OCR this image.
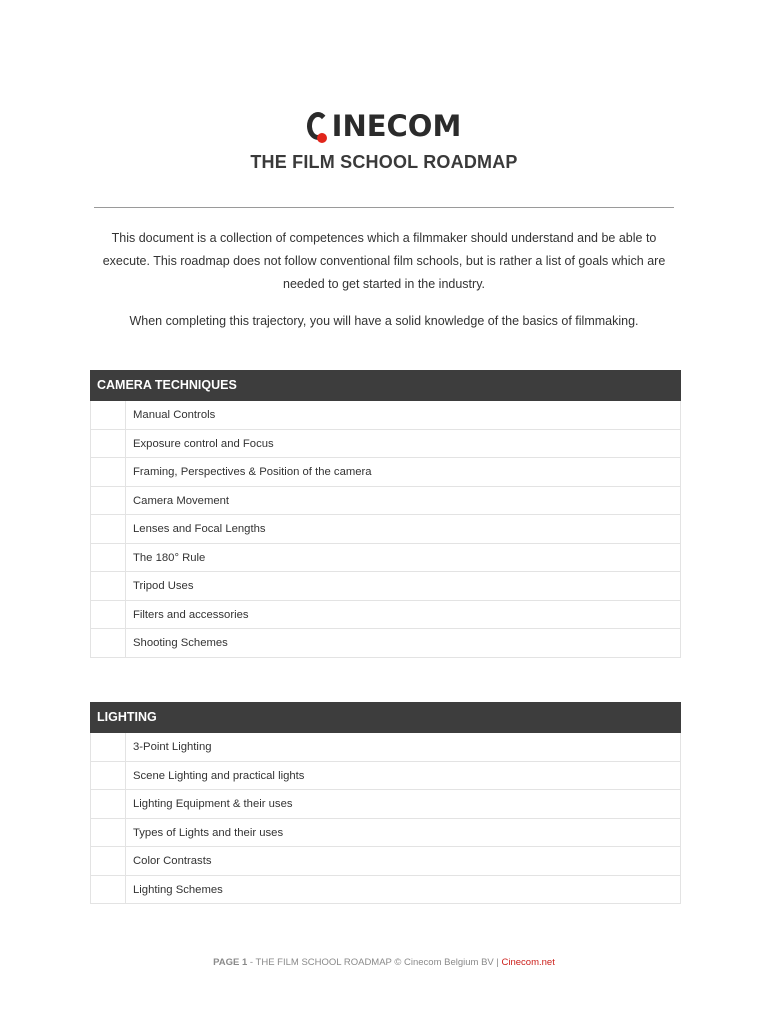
INECOM
THE FILM SCHOOL ROADMAP
This document is a collection of competences which a filmmaker should understand and be able to execute. This roadmap does not follow conventional film schools, but is rather a list of goals which are needed to get started in the industry.
When completing this trajectory, you will have a solid knowledge of the basics of filmmaking.
CAMERA TECHNIQUES
Manual Controls
Exposure control and Focus
Framing, Perspectives & Position of the camera
Camera Movement
Lenses and Focal Lengths
The 180° Rule
Tripod Uses
Filters and accessories
Shooting Schemes
LIGHTING
3-Point Lighting
Scene Lighting and practical lights
Lighting Equipment & their uses
Types of Lights and their uses
Color Contrasts
Lighting Schemes
PAGE 1 - THE FILM SCHOOL ROADMAP © Cinecom Belgium BV | Cinecom.net
